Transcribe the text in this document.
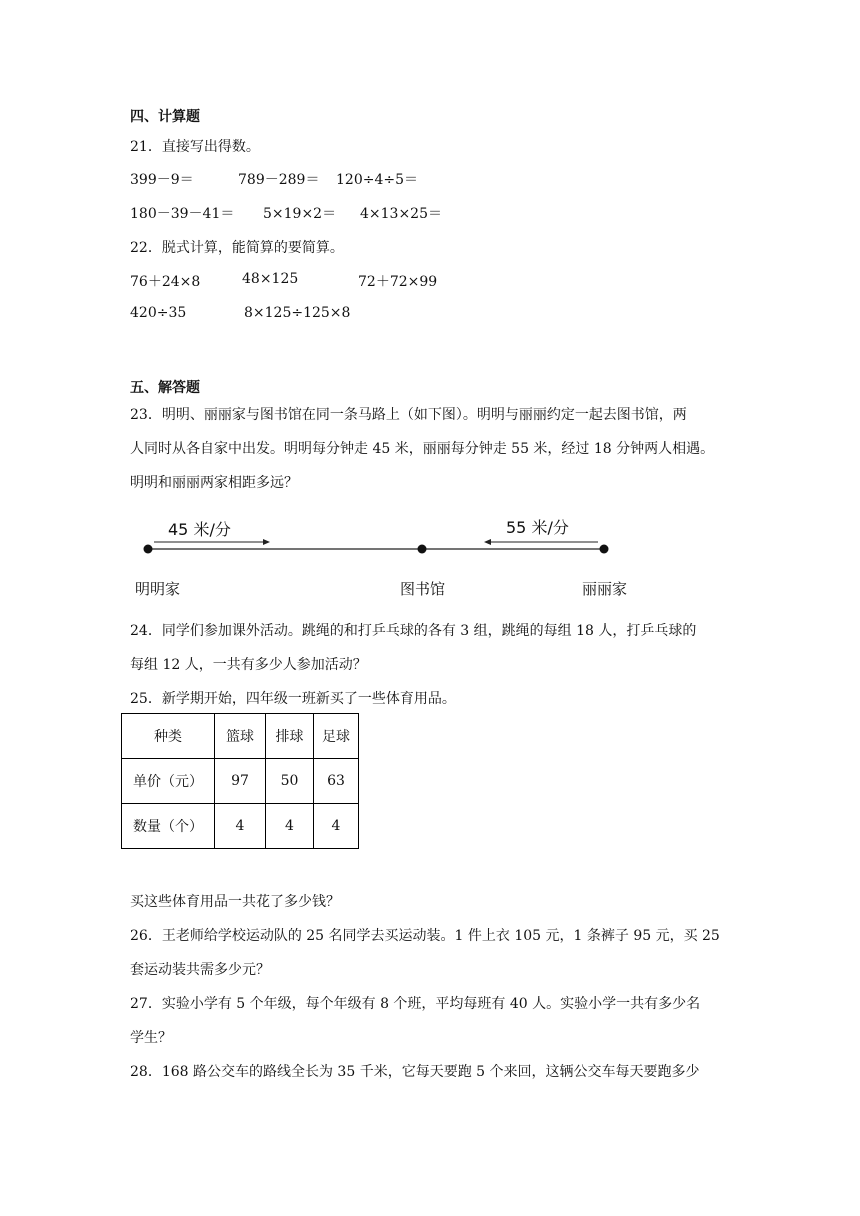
四、计算题
21．直接写出得数。
399－9＝	789－289＝ 120÷4÷5＝
180－39－41＝ 5×19×2＝ 4×13×25＝
22．脱式计算，能简算的要简算。
76＋24×8	48×125	72＋72×99
420÷35	8×125÷125×8
五、解答题
23．明明、丽丽家与图书馆在同一条马路上（如下图）。明明与丽丽约定一起去图书馆，两
人同时从各自家中出发。明明每分钟走 45 米，丽丽每分钟走 55 米，经过 18 分钟两人相遇。
明明和丽丽两家相距多远？
45 米/分	55 米/分
明明家	图书馆	丽丽家
24．同学们参加课外活动。跳绳的和打乒乓球的各有 3 组，跳绳的每组 18 人，打乒乓球的
每组 12 人，一共有多少人参加活动？
25．新学期开始，四年级一班新买了一些体育用品。
种类	篮球	排球	足球
单价（元）	97	50	63
数量（个）	4	4	4
买这些体育用品一共花了多少钱？
26．王老师给学校运动队的 25 名同学去买运动装。1 件上衣 105 元，1 条裤子 95 元，买 25
套运动装共需多少元？
27．实验小学有 5 个年级，每个年级有 8 个班，平均每班有 40 人。实验小学一共有多少名
学生？
28．168 路公交车的路线全长为 35 千米，它每天要跑 5 个来回，这辆公交车每天要跑多少
